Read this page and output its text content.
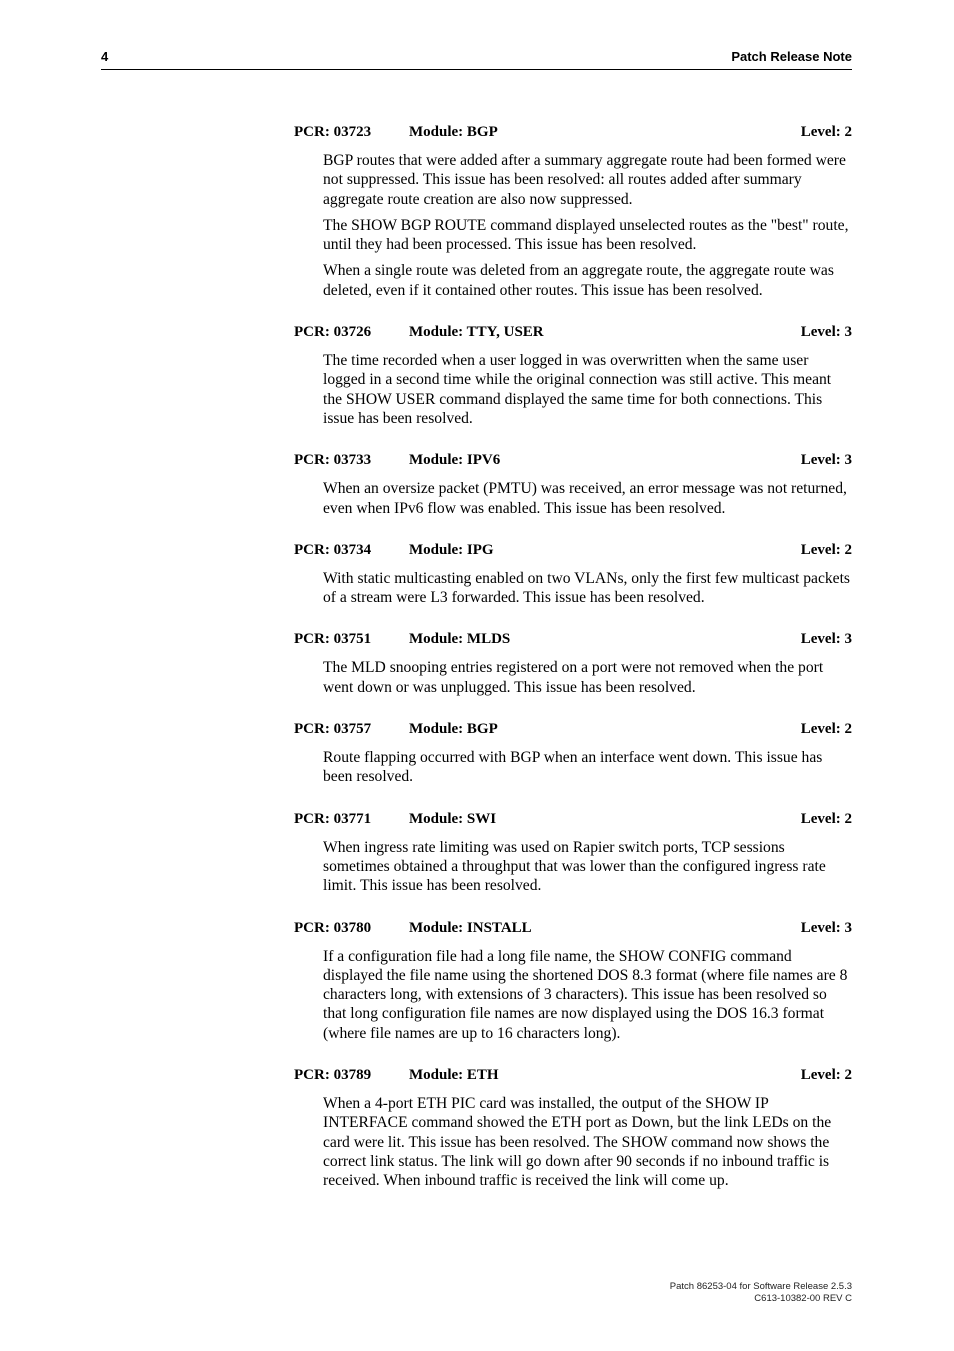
4	Patch Release Note
PCR: 03723	Module: BGP	Level: 2

BGP routes that were added after a summary aggregate route had been formed were not suppressed. This issue has been resolved: all routes added after summary aggregate route creation are also now suppressed.

The SHOW BGP ROUTE command displayed unselected routes as the "best" route, until they had been processed. This issue has been resolved.

When a single route was deleted from an aggregate route, the aggregate route was deleted, even if it contained other routes. This issue has been resolved.

PCR: 03726	Module: TTY, USER	Level: 3

The time recorded when a user logged in was overwritten when the same user logged in a second time while the original connection was still active. This meant the SHOW USER command displayed the same time for both connections. This issue has been resolved.

PCR: 03733	Module: IPV6	Level: 3

When an oversize packet (PMTU) was received, an error message was not returned, even when IPv6 flow was enabled. This issue has been resolved.

PCR: 03734	Module: IPG	Level: 2

With static multicasting enabled on two VLANs, only the first few multicast packets of a stream were L3 forwarded. This issue has been resolved.

PCR: 03751	Module: MLDS	Level: 3

The MLD snooping entries registered on a port were not removed when the port went down or was unplugged. This issue has been resolved.

PCR: 03757	Module: BGP	Level: 2

Route flapping occurred with BGP when an interface went down. This issue has been resolved.

PCR: 03771	Module: SWI	Level: 2

When ingress rate limiting was used on Rapier switch ports, TCP sessions sometimes obtained a throughput that was lower than the configured ingress rate limit. This issue has been resolved.

PCR: 03780	Module: INSTALL	Level: 3

If a configuration file had a long file name, the SHOW CONFIG command displayed the file name using the shortened DOS 8.3 format (where file names are 8 characters long, with extensions of 3 characters). This issue has been resolved so that long configuration file names are now displayed using the DOS 16.3 format (where file names are up to 16 characters long).

PCR: 03789	Module: ETH	Level: 2

When a 4-port ETH PIC card was installed, the output of the SHOW IP INTERFACE command showed the ETH port as Down, but the link LEDs on the card were lit. This issue has been resolved. The SHOW command now shows the correct link status. The link will go down after 90 seconds if no inbound traffic is received. When inbound traffic is received the link will come up.

Patch 86253-04 for Software Release 2.5.3
C613-10382-00 REV C
